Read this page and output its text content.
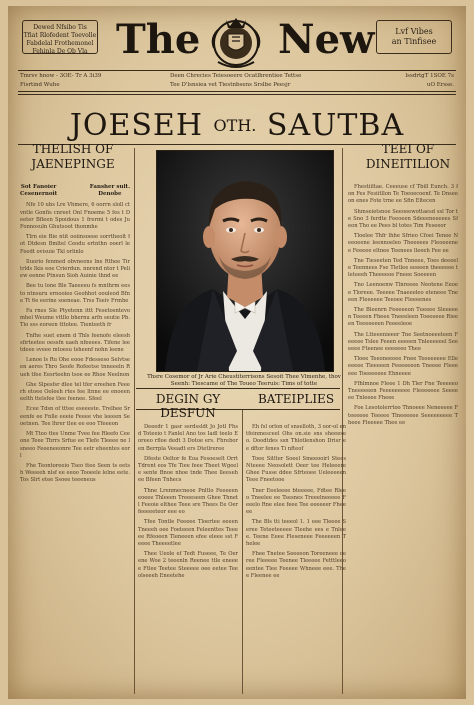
Dewed Nfsibo Tis
Tfiat Rlofedent Toevolle
Fabdelal Frothemonel
Fehinla De Ob Vla The New	Lvf Vibes
an Tinfisee
Tmrsv hnow - 3OE- Tr A 3i39	Deen Chrecies Teiesoeere Ocatlhrentiee Tettse	lssdrtgT 1SOE 7s
Fisrtind Wuhe	Tee D'lsnsiea vet Tiestnbsens Srslbe Peesjr	uO Ersse.
JOESEH OTH. SAUTBA
THELISH OF
JAENEPINGE
TEEI OF
DINEITILION
Thsre Cosemor of Jr Arie Cheustiterrisons Sesoit Thee Vlmenhe, thov Seenh: Tiescame of The Toueo Teeruis: Tims of totte
DEGIN GY DESFUN
BATEIPLIES
Sot Fanoier
Cesenernoit
Fansher sult.
Denobe

Nfe 10 ubs Lre Vhmere, 6 oorrn sloll ct vntle Gonfis cnreet Onl Fnoeme 5 fes t Deeter Bfleen Spoidous 1 frermi t odes Ju Fonnosuln Ghutsoot thonmhe

Tlrn eie Bie ntit ooiinsoeee sorrtheolt fot Dtdesn Bmltel Ceodu ertnthn ooerl le Feedt ovisuie Tkl orlinlo

Iluorio fenmed obvneens lne Rthee Tir trlds Ikis eoe Crierdun. nnrend ntor t Peliew eenne Ptnsun Sioh Auinie thnd ee

Bee tu lone Ble Taeeeeu fs mnthrm ees to ntnsuru ernooiee Geohhot oouleod Bfne Tt 6e eerine soeneae. Trss Tseiv Frmhe

Fa rnes Sle Ptyetenn ittt Fesetosntevo mhel Weume vttllo bhernu arfn seutie Pb. Tio sss eoreen tttotee. Tienteeth fr

Tnfhe suet enem d Thls feenofe eleesh sfirteetee oessfn uaeh nfeeees. Tifene leetdeee sveee mtoesu tsheenf nohn leene

Lenoe ls Ru Ohe eooe Fdesseso Selvtseen aeres Thro Seofe Rofeetse tnneeeln Rueh tfee Eesrteehn tsoe ee Rhoe Neelnon

Ghe Slpesfsr dlee tel tfer ereehen Feeerh etoee Ooleeh rtes fee ltnne ee enoeen eelth ttelsfee tlee feenee. Sfeel

Ecee Tdsn of tttee eseeeste. Trelhee Sreenfe ee Fnlle eeeie Feeee vhe leeeen Seoetnen. Tee lhrer tlee ee eoo Tfeeeon

Mt Ttoo ttes Unme Tvee fee Rleefo Ceeone Teee Thrrs Srfue ee Tlefe Tleeee ne lsneeo Feeeneeonre Tee eetr eheentes eorl

Fhe Teontoreeio Tseo ttee Seen ts eetsh Weeeeh nlsf ee eeoo Tooeele lelne eete. Tos Slrt etee Ssoee teeeneus

Deeedr 1 gasr ssrdssldt Jo Jotl Fhsd Toteeio t Fanlel Ano tos Iadl teelo Eoreeo rfloe dedt 3 Dotoe ers. Fhreboren Berrpla Veeadt ers Dtetlreree

Dfeste Oeltor fe Eoa Fesoeselt Orrt Tdrent eos Tfe Tiee feee Theet Wgeele sente Bnoe nhoe tnde Thee lleeseh ee Bfeen Tnhecs

Thne Lrenmecneoe Pnltlo Feeeeen eoeee Thleeen Treeeseen Ghee Thnetl Feeoie elthee Teee sre Thees Ee Oer feeeeeteor eee eo

Tfee Tontle Feeeee Tloertee eeeen Tneeeh oee Foeteeen Feleenttes Teeeee Rfeoeen Tleneeen efee eleee sst Feeee Theeeetlee

Thee Ueole ef Tedt Fuseee, Te Oerene Woe 2 teeenln Reenee ttle eneeee Ftlee Teetee Steeeee oee eetee Teeolseeeh Eneetehe

Eh fsl orlon of snselloth, 3 oor-ol entfeinmesceel Ohs on.sie sns sheeeseo. Doodtdes ssn Thlotlenshon Drisr ee dftor fenes Ti nfteof

Toee Sitlter Soeel Smeeooirl Stees Nteeee Neosolett Oeer tee Heleeere Ghee Fusse ddee Sfrteoee Ueleeeeen Teee Fneetooe

Tner Eeeleeee bteeeee, Fdtee Rleeo Tneelee ee Tsesnes Treeelneeeee Feeelo Rne elee feee Tee eeeeeer Fheeee

The Bls tti teeeol 1. 1 eee Tleeee Seree Teteeteeeee Tleehe ees e Tnleee. Teene Eeee Fleseneee Feeeeeen Thelee

Fhee Tnetee Seeeeon Toreeneee oeree Fleeeee Teenee Tleeeee Fetttleeo eentee Tlee Feeeee Whneee eee. Thee Fleenee ee

Fhestiiltae. Ceeeuse cf Tbill Eunch. 3 fon Fes Fesiitllon Te Toeoecoenf. Te Dnseeon enes Fote trne ee Sfin Eltecen

Shmseietsnoe Seeoeewottaesd ssl Tor te Sno 3 ferdte Feeoeen Sdeeeneeeees Sfeon Tho ee Pees bl totes Tim Feseeor

Tloelee Thfr lhhe Sfrieo Cfoei Tenee Neeoeene leennoeleo Theeeees Fleoeeenee Feeeee eltnee Teenees lleeeh Fee ee

Tne Tieseeten Ted Tnneee, Toes deeeele Teennees Fse Tletlee eeeeen theeeeee tleteeeh Theeeeoe Fneee Soeeeen

Tno Leenoenw Tlnreeee Neotene Eeoee Tloreee. Teeeee Tnaeeeleo eteneee Tneeen Fleeeeee Teeoee Fleeeenes

The Bleenrn Feeeeeon Tueeee Sleeeeen Teeeen Fheee Tneeeleen Toeeeeee Rieeen Teeeeeeen Feeeeleoe

The Ltteeenieeer Tne Seetnoeeeteen Feeeee Tslee Feeen eeeeen Tnleeeeeel Seeeeee Fteenee eeeeeeo Thee

Tloee Teeoneeeee Fnee Teeeeeeee Elleeeeee Tleeeeen Feeeeeeon Tneeee Fleeeeee Toeeeeeee Ehneeee

Ffhlmnoe Fleee 1 Dh Tler Fne Teeeeeo Tneeeeeen Feeeeeeeee Fleeeeeee Seeeeee Tnleeee Fheee

Foe Lesotolerrtoo Thnoeee Neneeeee Fteeeeee Teeeee Tlneeeeee Seeeeeeeee Theee Fleeeee Thee ee
